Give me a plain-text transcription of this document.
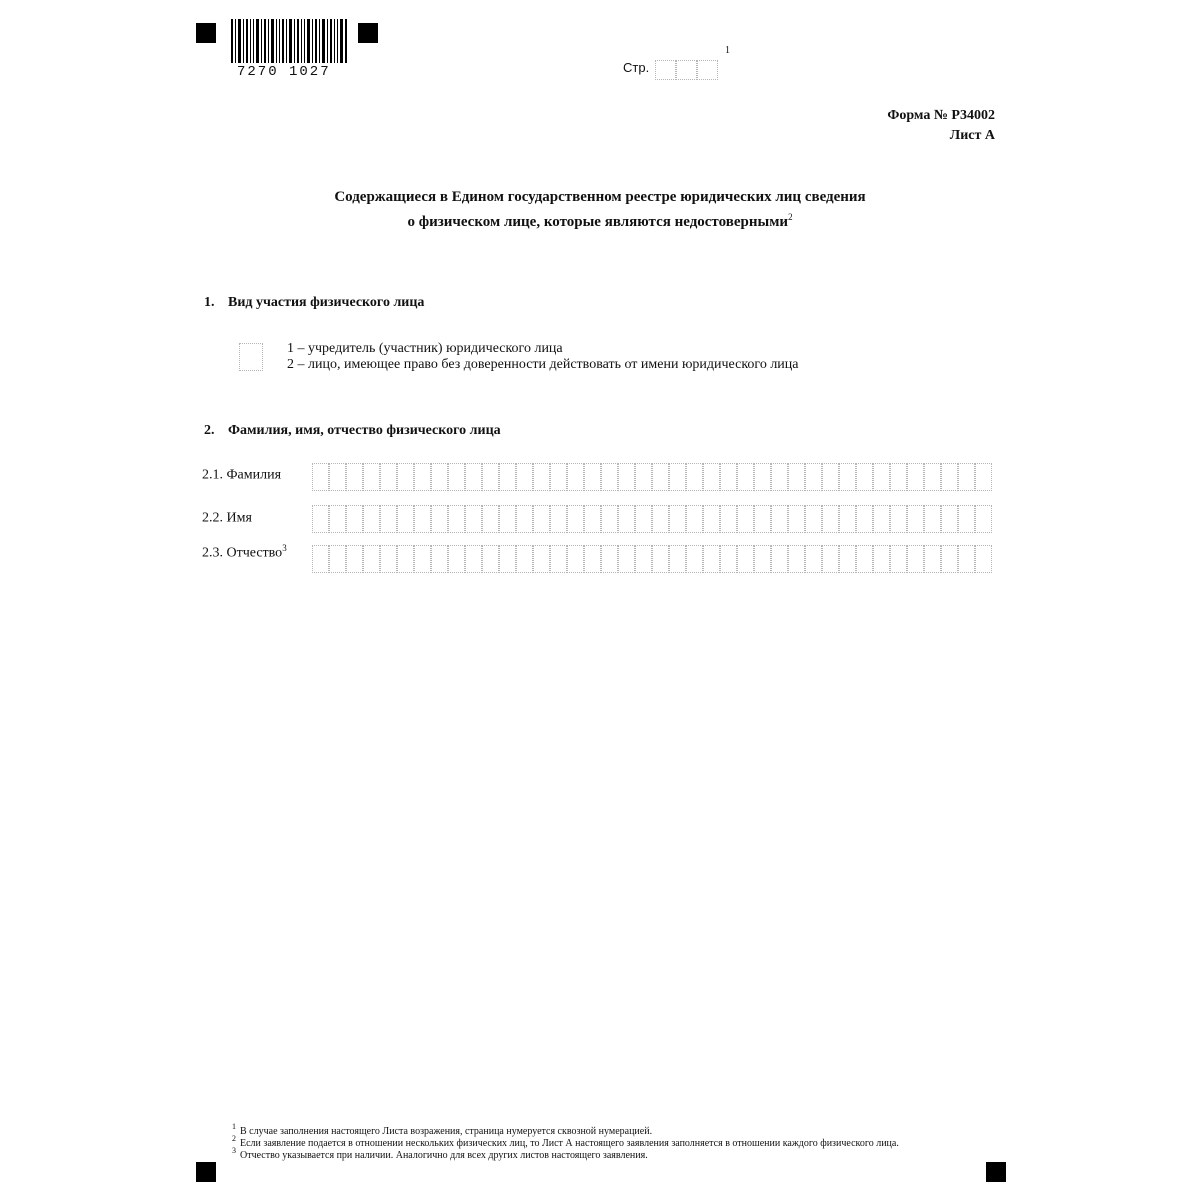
7270 1027	Стр.
1
Форма № Р34002
Лист А
Содержащиеся в Едином государственном реестре юридических лиц сведения
о физическом лице, которые являются недостоверными$^2$
1. Вид участия физического лица
1 – учредитель (участник) юридического лица
2 – лицо, имеющее право без доверенности действовать от имени юридического лица
2. Фамилия, имя, отчество физического лица
2.1. Фамилия
2.2. Имя
2.3. Отчество$^3$
1 В случае заполнения настоящего Листа возражения, страница нумеруется сквозной нумерацией.
2 Если заявление подается в отношении нескольких физических лиц, то Лист А настоящего заявления заполняется в отношении каждого физического лица.
3 Отчество указывается при наличии. Аналогично для всех других листов настоящего заявления.
